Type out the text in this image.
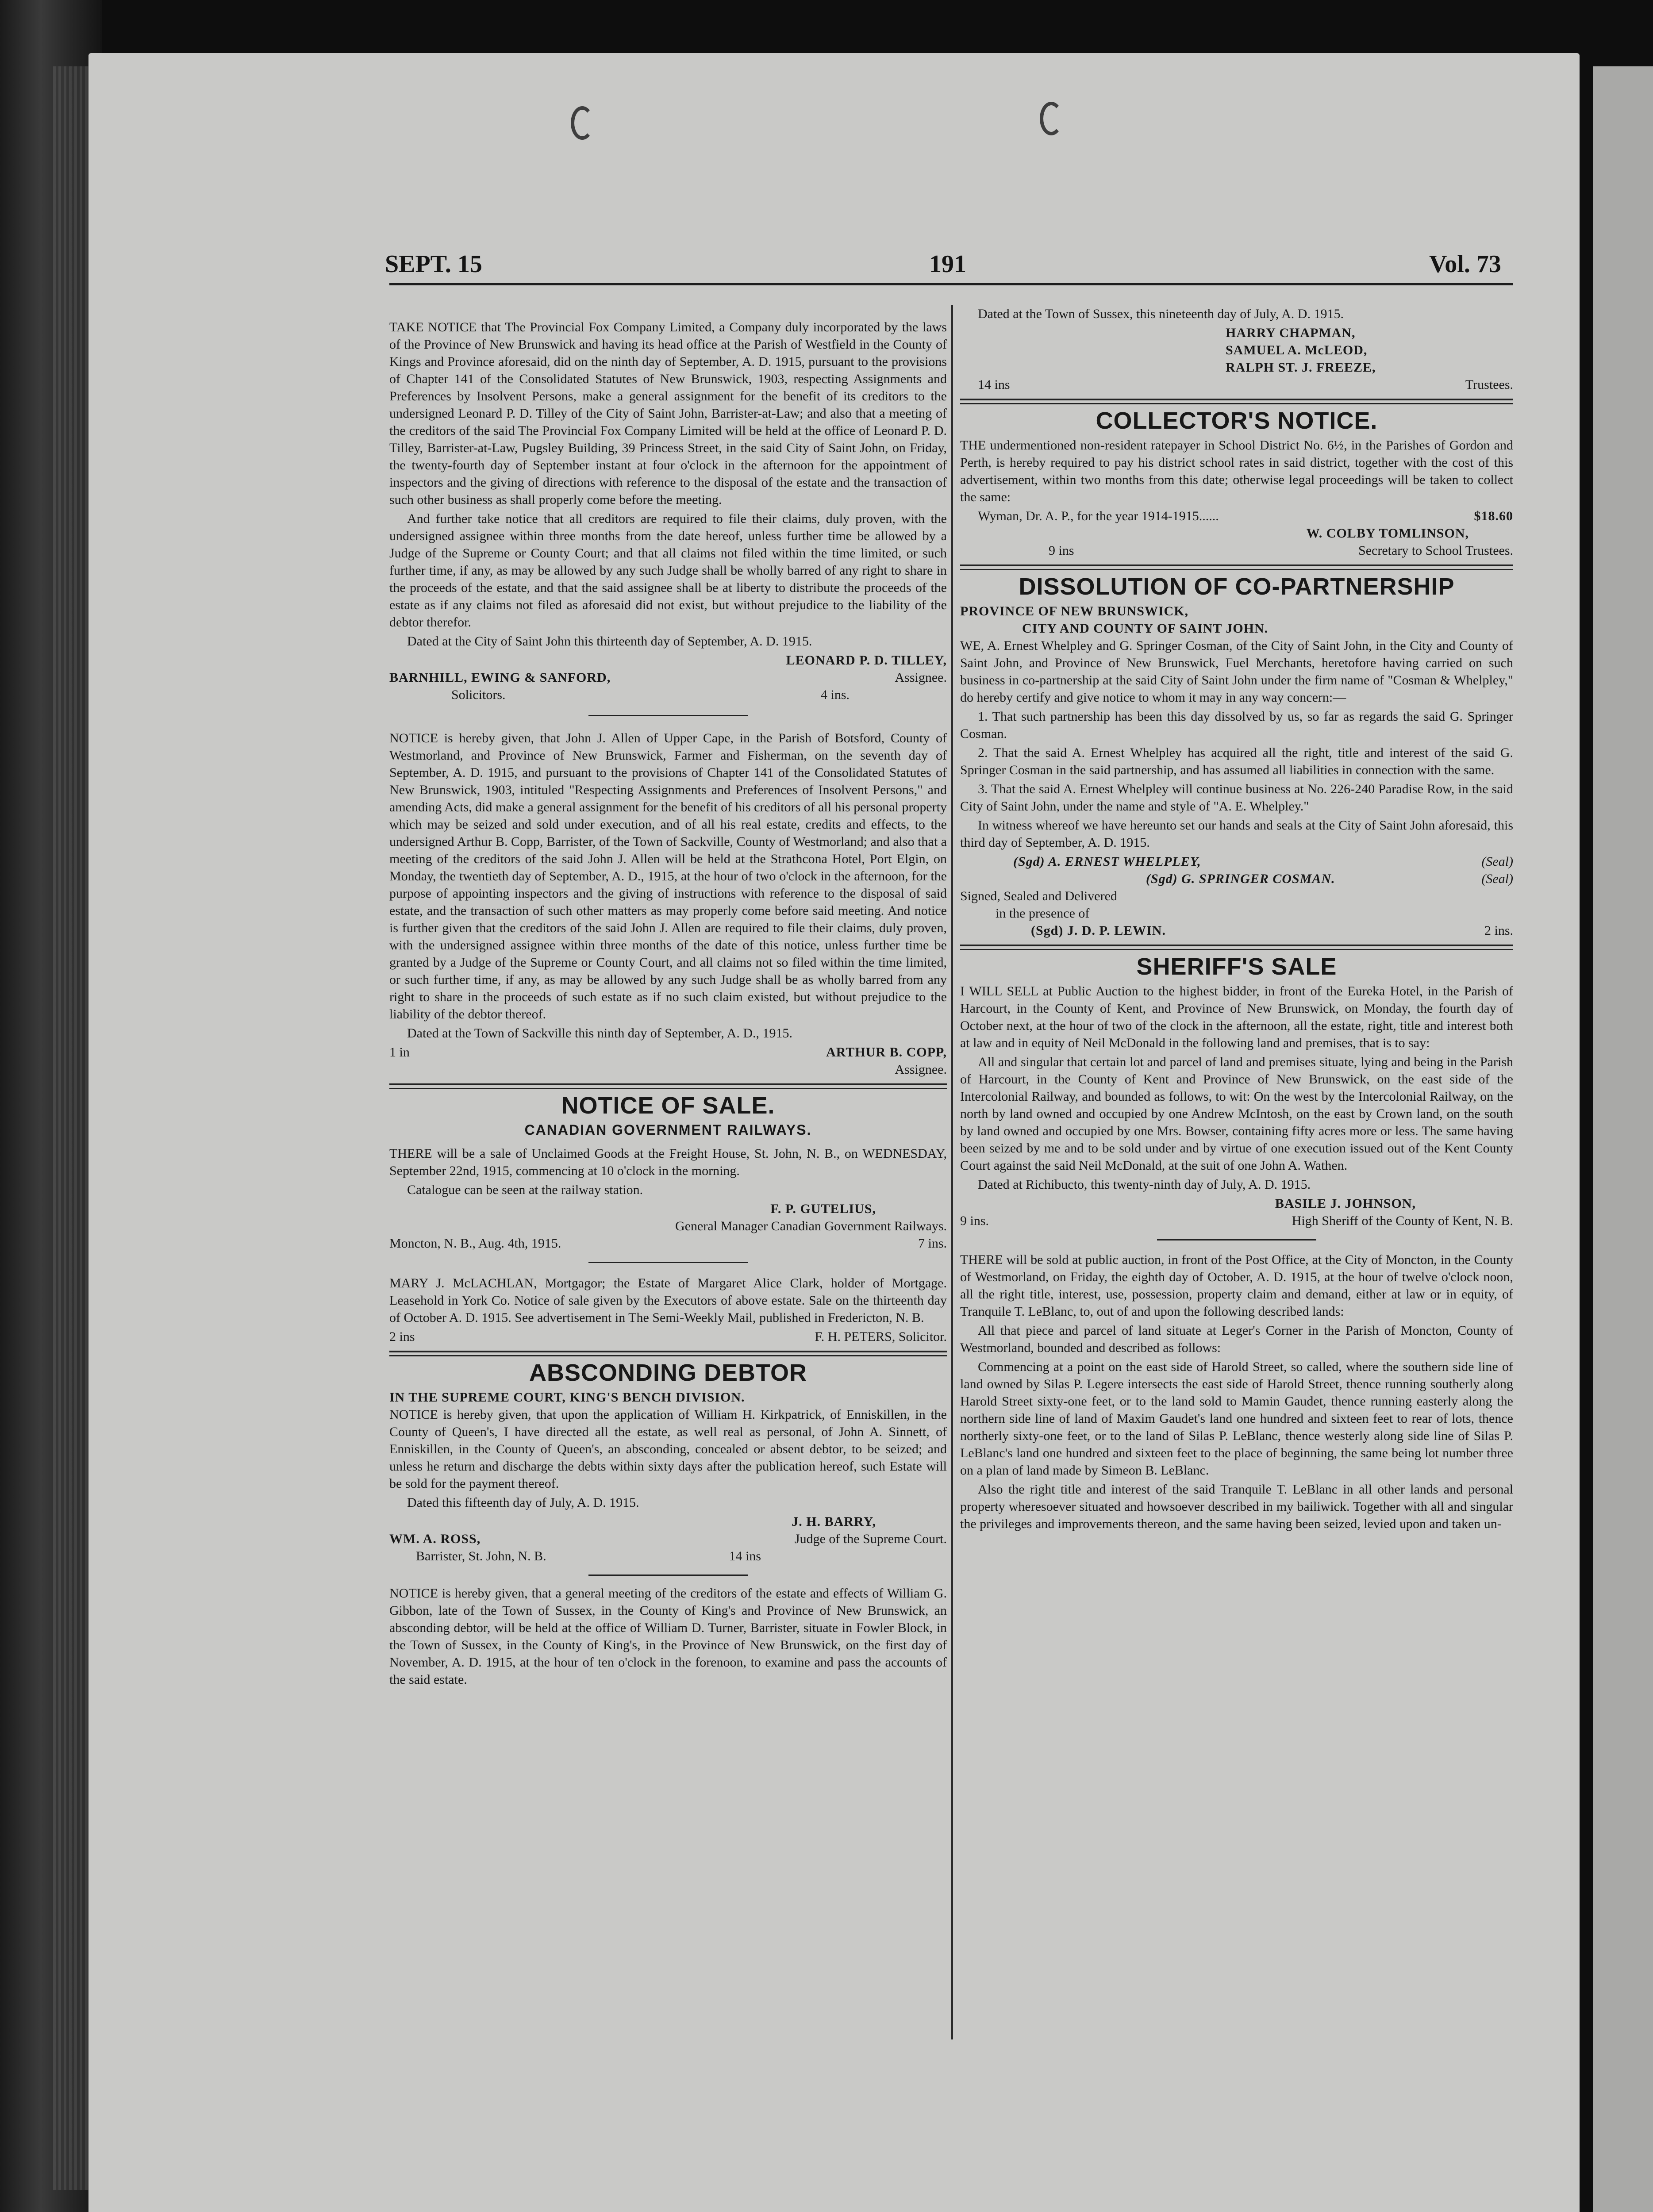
SEPT. 15	191	Vol. 73

TAKE NOTICE that The Provincial Fox Company Limited, a Company duly incorporated by the laws of the Province of New Brunswick and having its head office at the Parish of Westfield in the County of Kings and Province aforesaid, did on the ninth day of September, A. D. 1915, pursuant to the provisions of Chapter 141 of the Consolidated Statutes of New Brunswick, 1903, respecting Assignments and Preferences by Insolvent Persons, make a general assignment for the benefit of its creditors to the undersigned Leonard P. D. Tilley of the City of Saint John, Barrister-at-Law; and also that a meeting of the creditors of the said The Provincial Fox Company Limited will be held at the office of Leonard P. D. Tilley, Barrister-at-Law, Pugsley Building, 39 Princess Street, in the said City of Saint John, on Friday, the twenty-fourth day of September instant at four o'clock in the afternoon for the appointment of inspectors and the giving of directions with reference to the disposal of the estate and the transaction of such other business as shall properly come before the meeting.

And further take notice that all creditors are required to file their claims, duly proven, with the undersigned assignee within three months from the date hereof, unless further time be allowed by a Judge of the Supreme or County Court; and that all claims not filed within the time limited, or such further time, if any, as may be allowed by any such Judge shall be wholly barred of any right to share in the proceeds of the estate, and that the said assignee shall be at liberty to distribute the proceeds of the estate as if any claims not filed as aforesaid did not exist, but without prejudice to the liability of the debtor therefor.

Dated at the City of Saint John this thirteenth day of September, A. D. 1915.

LEONARD P. D. TILLEY,
BARNHILL, EWING & SANFORD,	Assignee.
Solicitors.	4 ins.

NOTICE is hereby given, that John J. Allen of Upper Cape, in the Parish of Botsford, County of Westmorland, and Province of New Brunswick, Farmer and Fisherman, on the seventh day of September, A. D. 1915, and pursuant to the provisions of Chapter 141 of the Consolidated Statutes of New Brunswick, 1903, intituled "Respecting Assignments and Preferences of Insolvent Persons," and amending Acts, did make a general assignment for the benefit of his creditors of all his personal property which may be seized and sold under execution, and of all his real estate, credits and effects, to the undersigned Arthur B. Copp, Barrister, of the Town of Sackville, County of Westmorland; and also that a meeting of the creditors of the said John J. Allen will be held at the Strathcona Hotel, Port Elgin, on Monday, the twentieth day of September, A. D., 1915, at the hour of two o'clock in the afternoon, for the purpose of appointing inspectors and the giving of instructions with reference to the disposal of said estate, and the transaction of such other matters as may properly come before said meeting. And notice is further given that the creditors of the said John J. Allen are required to file their claims, duly proven, with the undersigned assignee within three months of the date of this notice, unless further time be granted by a Judge of the Supreme or County Court, and all claims not so filed within the time limited, or such further time, if any, as may be allowed by any such Judge shall be as wholly barred from any right to share in the proceeds of such estate as if no such claim existed, but without prejudice to the liability of the debtor thereof.

Dated at the Town of Sackville this ninth day of September, A. D., 1915.

1 in	ARTHUR B. COPP,
Assignee.
NOTICE OF SALE.
CANADIAN GOVERNMENT RAILWAYS.

THERE will be a sale of Unclaimed Goods at the Freight House, St. John, N. B., on WEDNESDAY, September 22nd, 1915, commencing at 10 o'clock in the morning.

Catalogue can be seen at the railway station.

F. P. GUTELIUS,
General Manager Canadian Government Railways.
Moncton, N. B., Aug. 4th, 1915.	7 ins.

MARY J. McLACHLAN, Mortgagor; the Estate of Margaret Alice Clark, holder of Mortgage. Leasehold in York Co. Notice of sale given by the Executors of above estate. Sale on the thirteenth day of October A. D. 1915. See advertisement in The Semi-Weekly Mail, published in Fredericton, N. B.

2 ins	F. H. PETERS, Solicitor.
ABSCONDING DEBTOR
IN THE SUPREME COURT, KING'S BENCH DIVISION.

NOTICE is hereby given, that upon the application of William H. Kirkpatrick, of Enniskillen, in the County of Queen's, I have directed all the estate, as well real as personal, of John A. Sinnett, of Enniskillen, in the County of Queen's, an absconding, concealed or absent debtor, to be seized; and unless he return and discharge the debts within sixty days after the publication hereof, such Estate will be sold for the payment thereof.

Dated this fifteenth day of July, A. D. 1915.

J. H. BARRY,
WM. A. ROSS,	Judge of the Supreme Court.
Barrister, St. John, N. B.	14 ins

NOTICE is hereby given, that a general meeting of the creditors of the estate and effects of William G. Gibbon, late of the Town of Sussex, in the County of King's and Province of New Brunswick, an absconding debtor, will be held at the office of William D. Turner, Barrister, situate in Fowler Block, in the Town of Sussex, in the County of King's, in the Province of New Brunswick, on the first day of November, A. D. 1915, at the hour of ten o'clock in the forenoon, to examine and pass the accounts of the said estate.

Dated at the Town of Sussex, this nineteenth day of July, A. D. 1915.

HARRY CHAPMAN,
SAMUEL A. McLEOD,
RALPH ST. J. FREEZE,
14 ins	Trustees.
COLLECTOR'S NOTICE.

THE undermentioned non-resident ratepayer in School District No. 6½, in the Parishes of Gordon and Perth, is hereby required to pay his district school rates in said district, together with the cost of this advertisement, within two months from this date; otherwise legal proceedings will be taken to collect the same:

Wyman, Dr. A. P., for the year 1914-1915......	$18.60
W. COLBY TOMLINSON,
9 ins	Secretary to School Trustees.
DISSOLUTION OF CO-PARTNERSHIP
PROVINCE OF NEW BRUNSWICK,
CITY AND COUNTY OF SAINT JOHN.

WE, A. Ernest Whelpley and G. Springer Cosman, of the City of Saint John, in the City and County of Saint John, and Province of New Brunswick, Fuel Merchants, heretofore having carried on such business in co-partnership at the said City of Saint John under the firm name of "Cosman & Whelpley," do hereby certify and give notice to whom it may in any way concern:—

1. That such partnership has been this day dissolved by us, so far as regards the said G. Springer Cosman.

2. That the said A. Ernest Whelpley has acquired all the right, title and interest of the said G. Springer Cosman in the said partnership, and has assumed all liabilities in connection with the same.

3. That the said A. Ernest Whelpley will continue business at No. 226-240 Paradise Row, in the said City of Saint John, under the name and style of "A. E. Whelpley."

In witness whereof we have hereunto set our hands and seals at the City of Saint John aforesaid, this third day of September, A. D. 1915.

(Sgd) A. ERNEST WHELPLEY,	(Seal)
(Sgd) G. SPRINGER COSMAN.	(Seal)
Signed, Sealed and Delivered
in the presence of
(Sgd) J. D. P. LEWIN.	2 ins.
SHERIFF'S SALE

I WILL SELL at Public Auction to the highest bidder, in front of the Eureka Hotel, in the Parish of Harcourt, in the County of Kent, and Province of New Brunswick, on Monday, the fourth day of October next, at the hour of two of the clock in the afternoon, all the estate, right, title and interest both at law and in equity of Neil McDonald in the following land and premises, that is to say:

All and singular that certain lot and parcel of land and premises situate, lying and being in the Parish of Harcourt, in the County of Kent and Province of New Brunswick, on the east side of the Intercolonial Railway, and bounded as follows, to wit: On the west by the Intercolonial Railway, on the north by land owned and occupied by one Andrew McIntosh, on the east by Crown land, on the south by land owned and occupied by one Mrs. Bowser, containing fifty acres more or less. The same having been seized by me and to be sold under and by virtue of one execution issued out of the Kent County Court against the said Neil McDonald, at the suit of one John A. Wathen.

Dated at Richibucto, this twenty-ninth day of July, A. D. 1915.

BASILE J. JOHNSON,
9 ins.	High Sheriff of the County of Kent, N. B.

THERE will be sold at public auction, in front of the Post Office, at the City of Moncton, in the County of Westmorland, on Friday, the eighth day of October, A. D. 1915, at the hour of twelve o'clock noon, all the right title, interest, use, possession, property claim and demand, either at law or in equity, of Tranquile T. LeBlanc, to, out of and upon the following described lands:

All that piece and parcel of land situate at Leger's Corner in the Parish of Moncton, County of Westmorland, bounded and described as follows:

Commencing at a point on the east side of Harold Street, so called, where the southern side line of land owned by Silas P. Legere intersects the east side of Harold Street, thence running southerly along Harold Street sixty-one feet, or to the land sold to Mamin Gaudet, thence running easterly along the northern side line of land of Maxim Gaudet's land one hundred and sixteen feet to rear of lots, thence northerly sixty-one feet, or to the land of Silas P. LeBlanc, thence westerly along side line of Silas P. LeBlanc's land one hundred and sixteen feet to the place of beginning, the same being lot number three on a plan of land made by Simeon B. LeBlanc.

Also the right title and interest of the said Tranquile T. LeBlanc in all other lands and personal property wheresoever situated and howsoever described in my bailiwick. Together with all and singular the privileges and improvements thereon, and the same having been seized, levied upon and taken un-
